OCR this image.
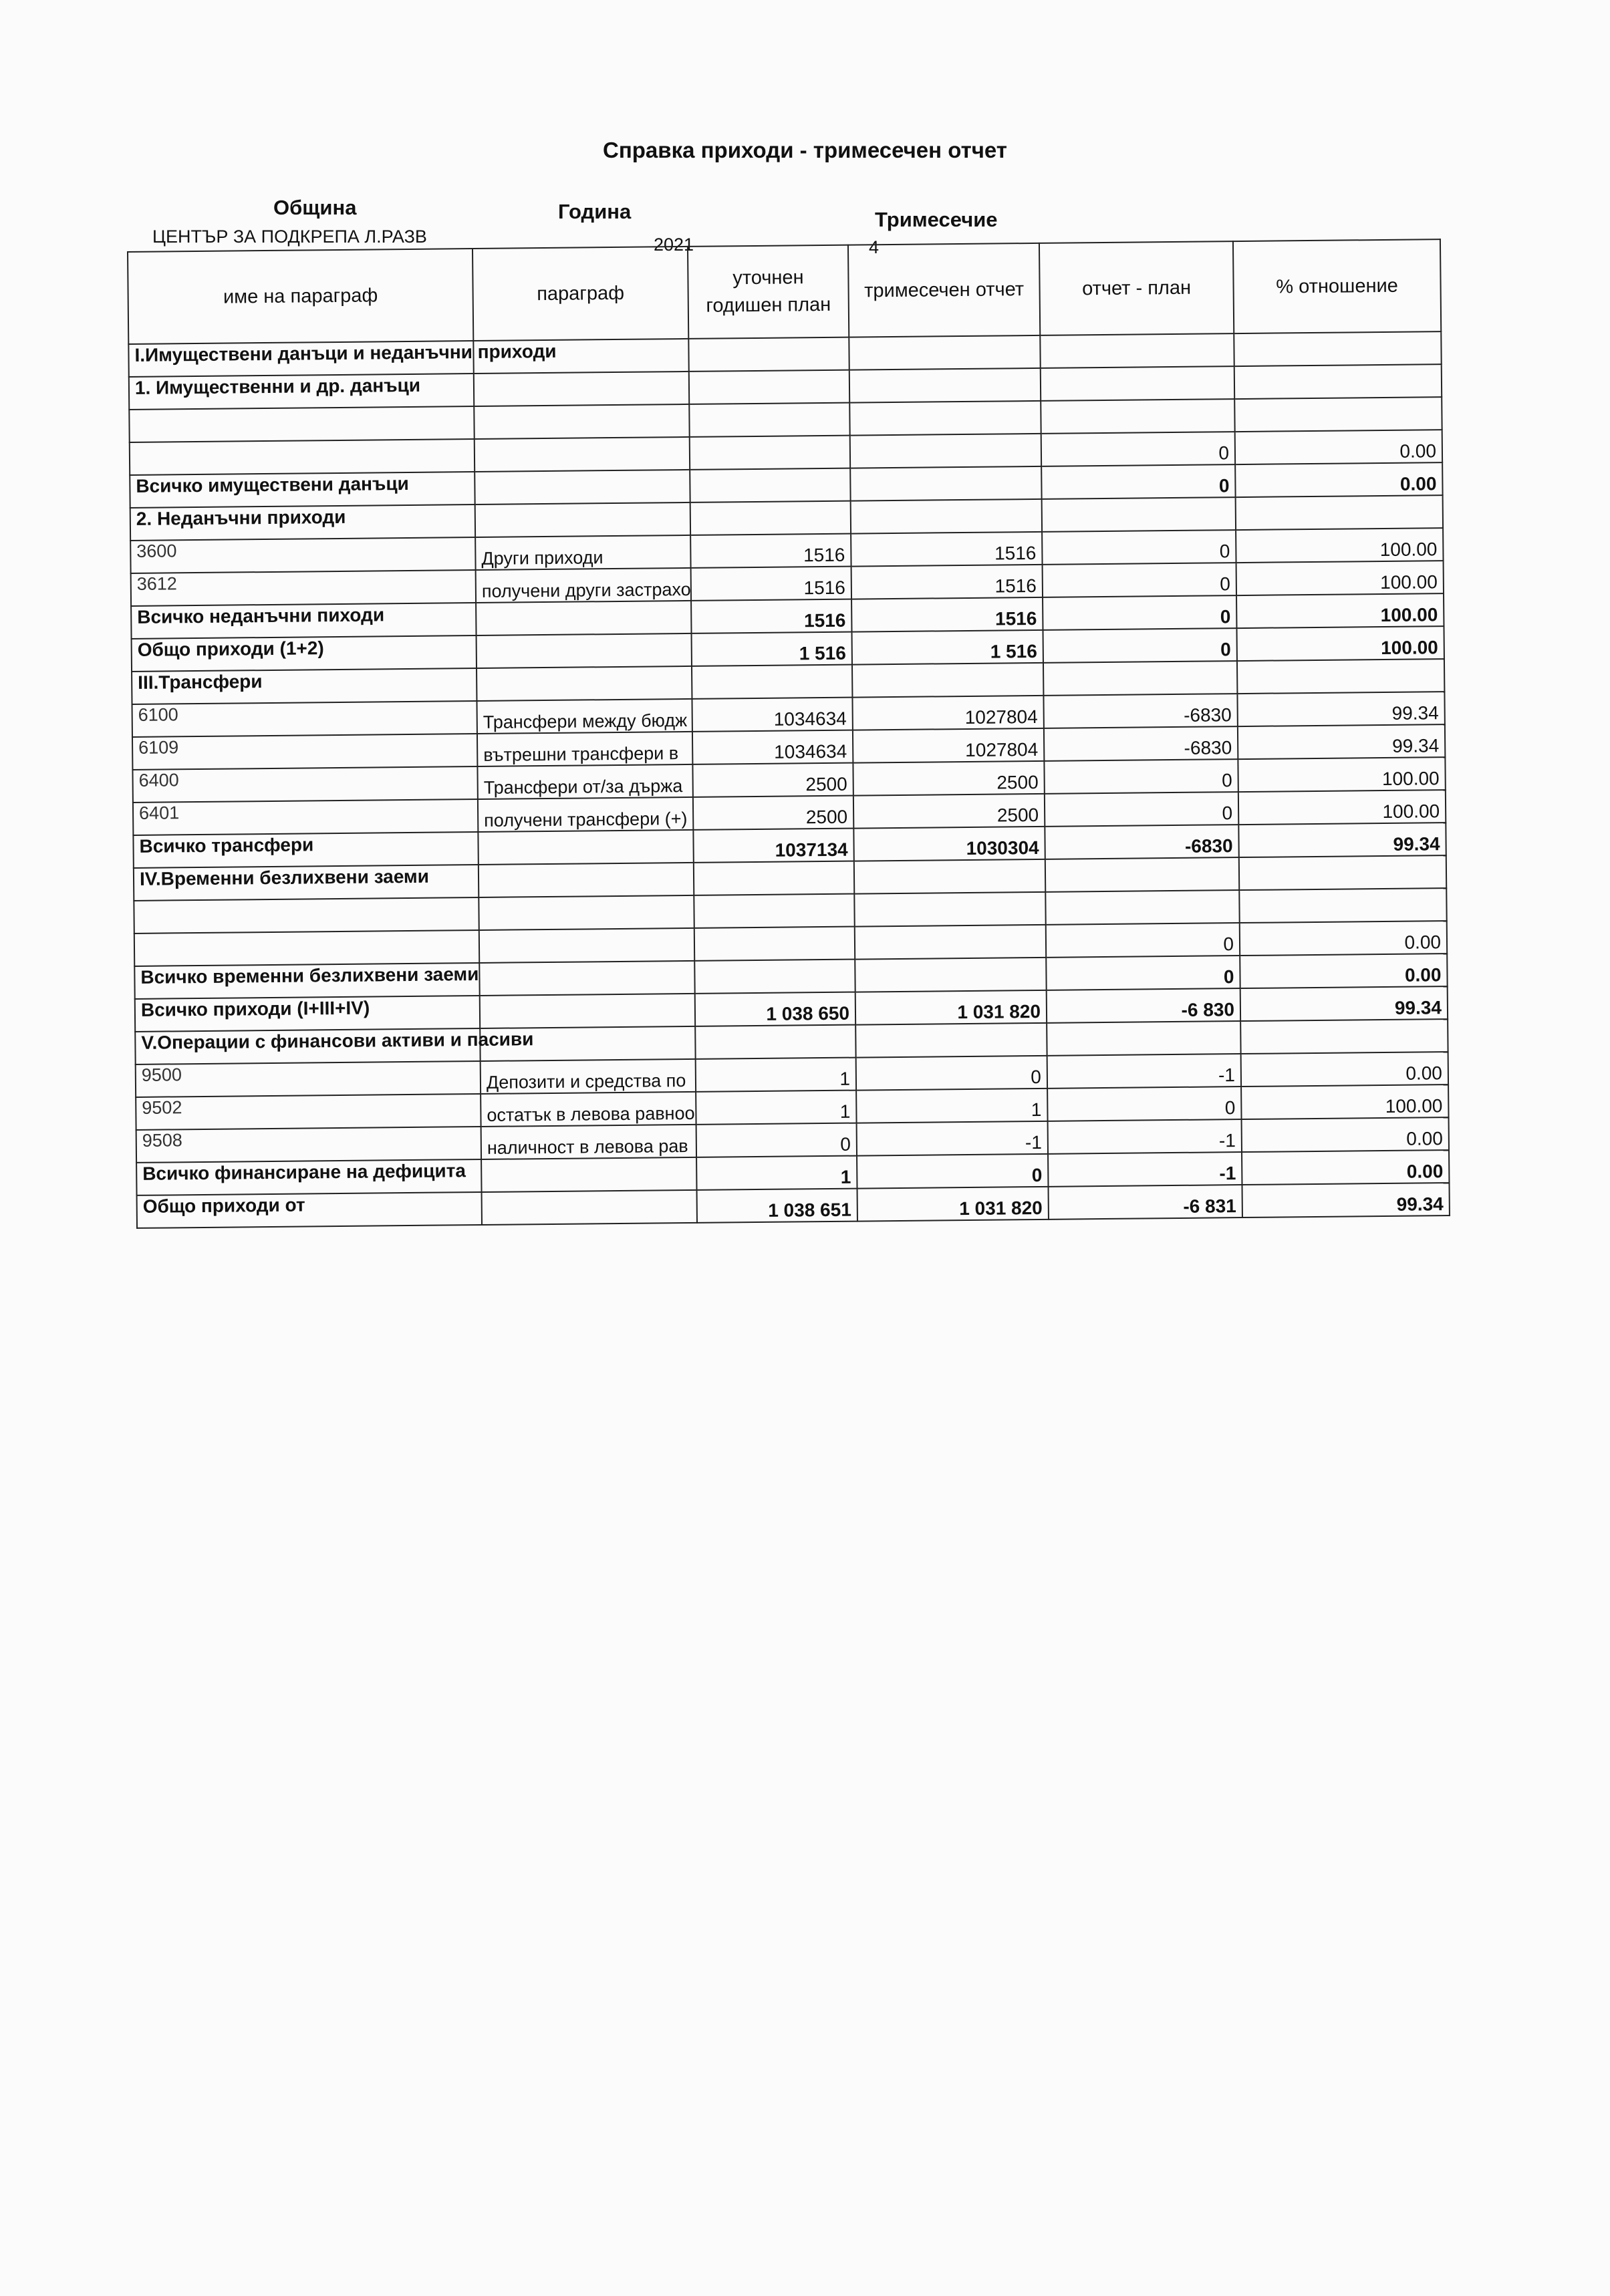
Справка приходи - тримесечен отчет
Община	Година	Тримесечие
ЦЕНТЪР ЗА ПОДКРЕПА Л.РАЗВ	2021	4
име на параграф	параграф	уточнен годишен план	тримесечен отчет	отчет - план	% отношение
I.Имуществени данъци и неданъчни приходи					
1. Имущественни и др. данъци					

				0	0.00
Всичко имуществени данъци				0	0.00
2. Неданъчни приходи					
3600	Други приходи	1516	1516	0	100.00
3612	получени други застрахо	1516	1516	0	100.00
Всичко неданъчни пиходи		1516	1516	0	100.00
Общо приходи (1+2)		1 516	1 516	0	100.00
III.Трансфери					
6100	Трансфери между бюдж	1034634	1027804	-6830	99.34
6109	вътрешни трансфери в	1034634	1027804	-6830	99.34
6400	Трансфери от/за държа	2500	2500	0	100.00
6401	получени трансфери (+)	2500	2500	0	100.00
Всичко трансфери		1037134	1030304	-6830	99.34
IV.Временни безлихвени заеми					

				0	0.00
Всичко временни безлихвени заеми				0	0.00
Всичко приходи (I+III+IV)		1 038 650	1 031 820	-6 830	99.34
V.Операции с финансови активи и пасиви					
9500	Депозити и средства по	1	0	-1	0.00
9502	остатък в левова равноо	1	1	0	100.00
9508	наличност в левова рав	0	-1	-1	0.00
Всичко финансиране на дефицита		1	0	-1	0.00
Общо приходи от		1 038 651	1 031 820	-6 831	99.34
